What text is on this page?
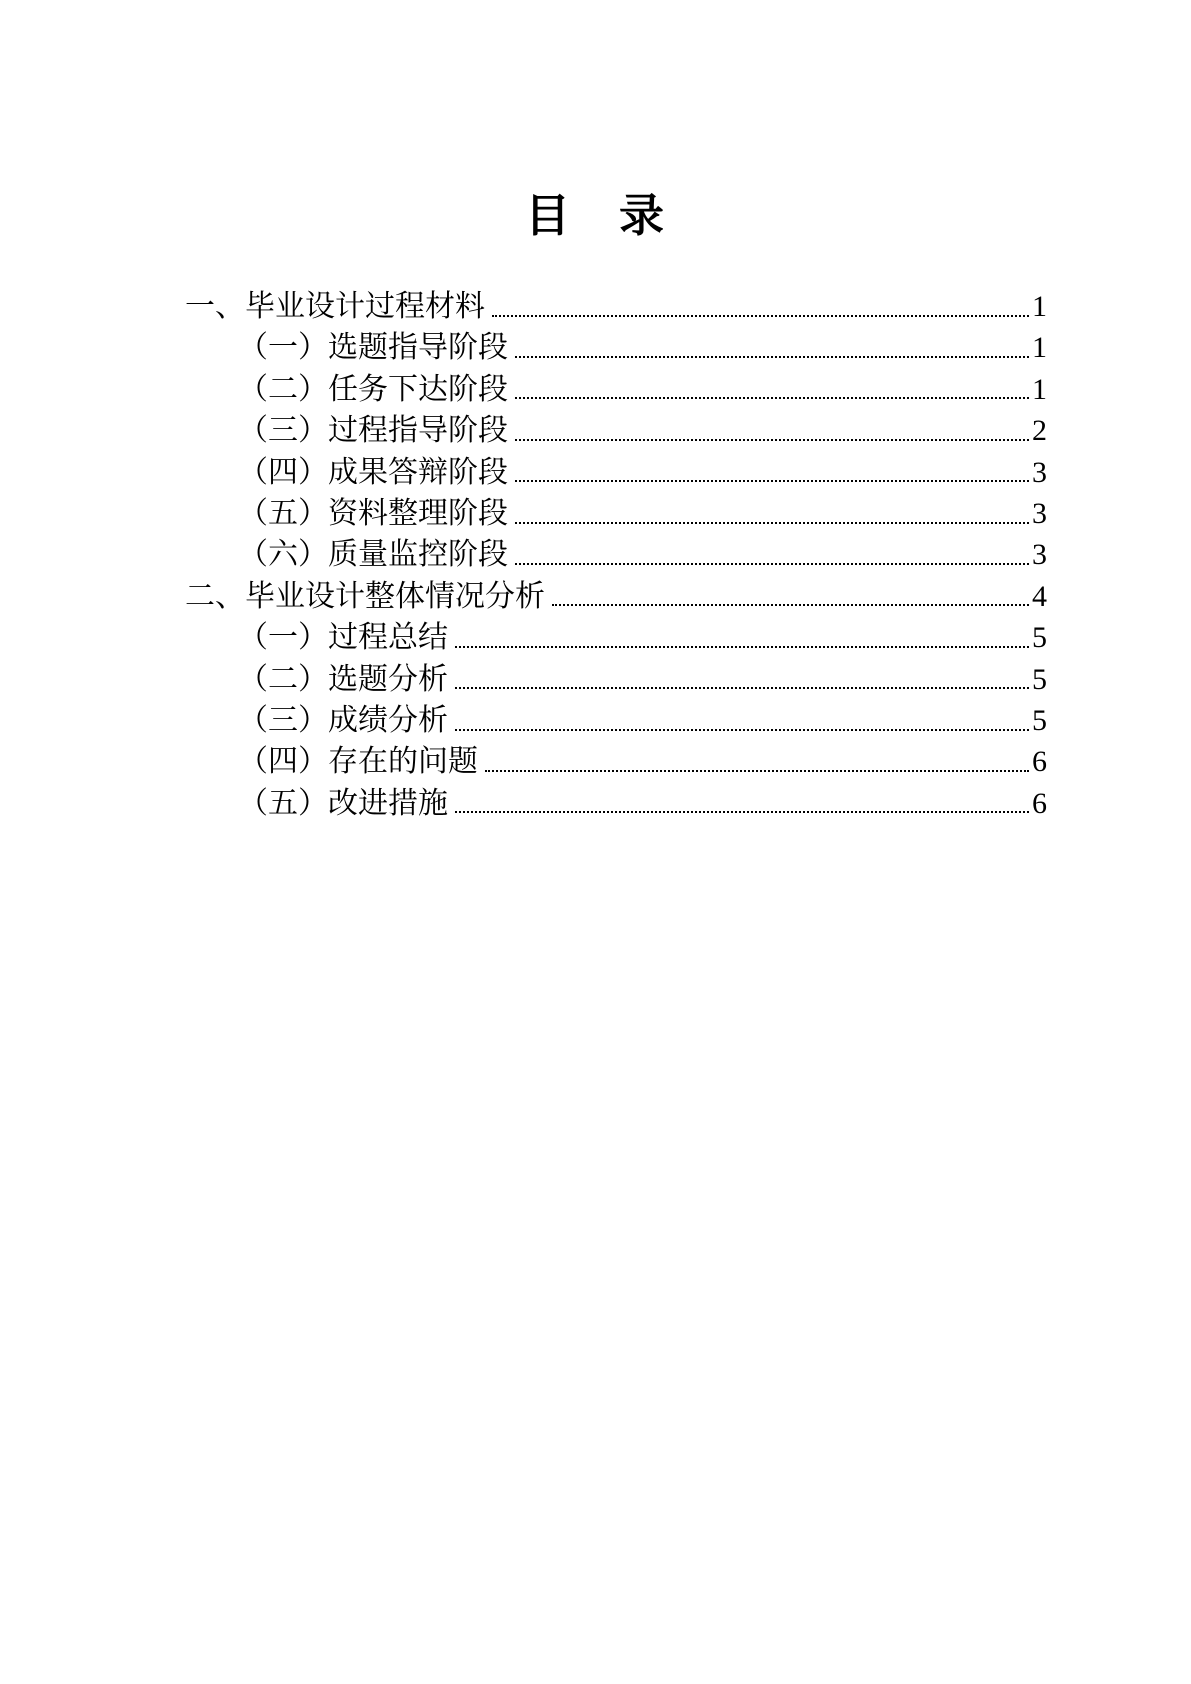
目　录
一、毕业设计过程材料	1
（一）选题指导阶段	1
（二）任务下达阶段	1
（三）过程指导阶段	2
（四）成果答辩阶段	3
（五）资料整理阶段	3
（六）质量监控阶段	3
二、毕业设计整体情况分析	4
（一）过程总结	5
（二）选题分析	5
（三）成绩分析	5
（四）存在的问题	6
（五）改进措施	6
